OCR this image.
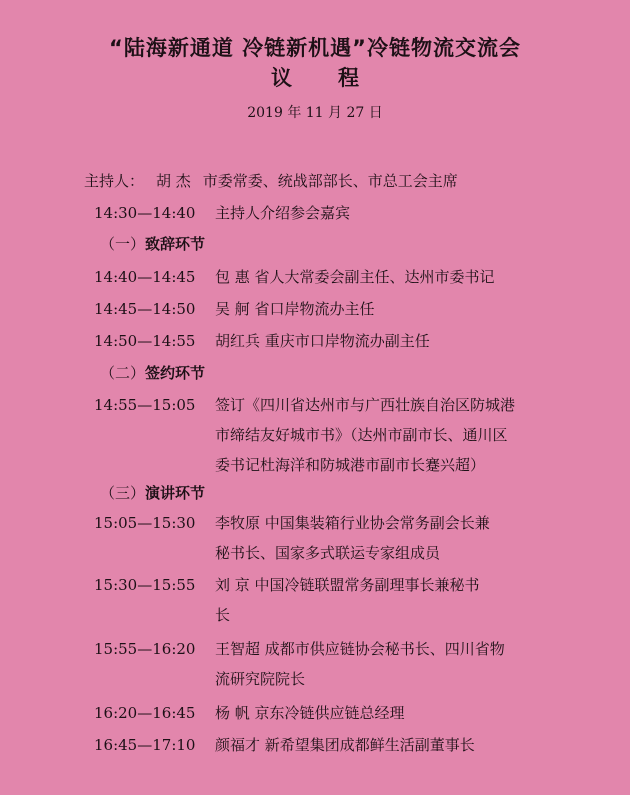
“陆海新通道 冷链新机遇”冷链物流交流会
议程
2019 年 11 月 27 日
主持人： 胡 杰 市委常委、统战部部长、市总工会主席
14:30—14:40 主持人介绍参会嘉宾
（一）致辞环节
14:40—14:45 包 惠 省人大常委会副主任、达州市委书记
14:45—14:50 吴 舸 省口岸物流办主任
14:50—14:55 胡红兵 重庆市口岸物流办副主任
（二）签约环节
14:55—15:05 签订《四川省达州市与广西壮族自治区防城港
市缔结友好城市书》（达州市副市长、通川区
委书记杜海洋和防城港市副市长蹇兴超）
（三）演讲环节
15:05—15:30 李牧原 中国集装箱行业协会常务副会长兼
秘书长、国家多式联运专家组成员
15:30—15:55 刘 京 中国冷链联盟常务副理事长兼秘书
长
15:55—16:20 王智超 成都市供应链协会秘书长、四川省物
流研究院院长
16:20—16:45 杨 帆 京东冷链供应链总经理
16:45—17:10 颜福才 新希望集团成都鲜生活副董事长
